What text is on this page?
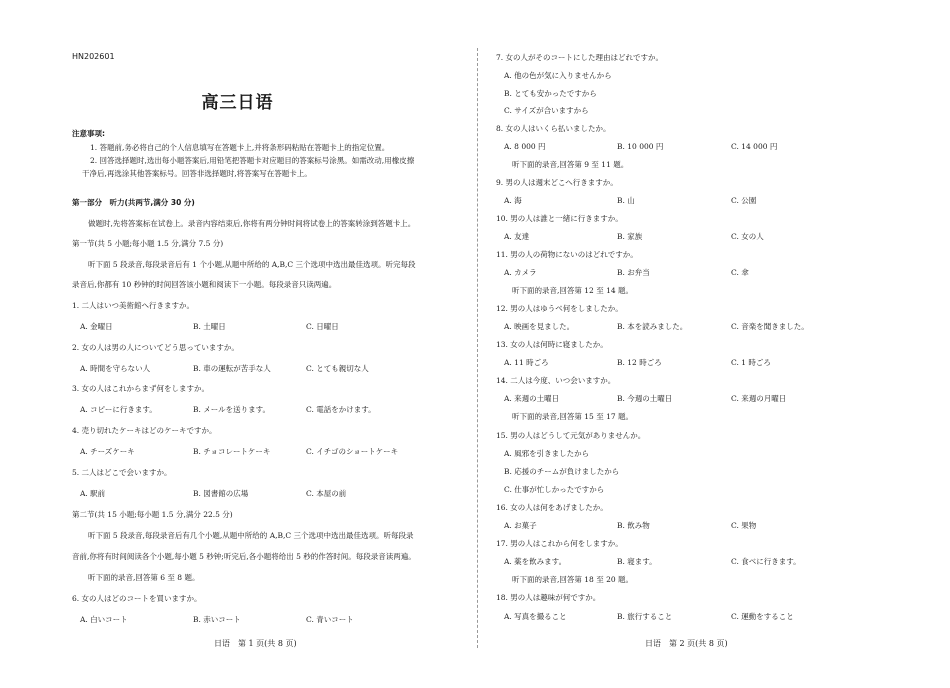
HN202601
高三日语
注意事项:
1. 答题前,务必将自己的个人信息填写在答题卡上,并将条形码粘贴在答题卡上的指定位置。
2. 回答选择题时,选出每小题答案后,用铅笔把答题卡对应题目的答案标号涂黑。如需改动,用橡皮擦
干净后,再选涂其他答案标号。回答非选择题时,将答案写在答题卡上。
第一部分　听力(共两节,满分 30 分)
做题时,先将答案标在试卷上。录音内容结束后,你将有两分钟时间将试卷上的答案转涂到答题卡上。
第一节(共 5 小题;每小题 1.5 分,满分 7.5 分)
听下面 5 段录音,每段录音后有 1 个小题,从题中所给的 A,B,C 三个选项中选出最佳选项。听完每段
录音后,你都有 10 秒钟的时间回答该小题和阅读下一小题。每段录音只读两遍。
1. 二人はいつ美術館へ行きますか。
A. 金曜日	B. 土曜日	C. 日曜日
2. 女の人は男の人についてどう思っていますか。
A. 時間を守らない人	B. 車の運転が苦手な人	C. とても親切な人
3. 女の人はこれからまず何をしますか。
A. コピーに行きます。	B. メールを送ります。	C. 電話をかけます。
4. 売り切れたケーキはどのケーキですか。
A. チーズケーキ	B. チョコレートケーキ	C. イチゴのショートケーキ
5. 二人はどこで会いますか。
A. 駅前	B. 図書館の広場	C. 本屋の前
第二节(共 15 小题;每小题 1.5 分,满分 22.5 分)
听下面 5 段录音,每段录音后有几个小题,从题中所给的 A,B,C 三个选项中选出最佳选项。听每段录
音前,你将有时间阅读各个小题,每小题 5 秒钟;听完后,各小题将给出 5 秒的作答时间。每段录音读两遍。
听下面的录音,回答第 6 至 8 题。
6. 女の人はどのコートを買いますか。
A. 白いコート	B. 赤いコート	C. 青いコート
日语　第 1 页(共 8 页)
7. 女の人がそのコートにした理由はどれですか。
A. 他の色が気に入りませんから
B. とても安かったですから
C. サイズが合いますから
8. 女の人はいくら払いましたか。
A. 8 000 円	B. 10 000 円	C. 14 000 円
听下面的录音,回答第 9 至 11 题。
9. 男の人は週末どこへ行きますか。
A. 海	B. 山	C. 公園
10. 男の人は誰と一緒に行きますか。
A. 友達	B. 家族	C. 女の人
11. 男の人の荷物にないのはどれですか。
A. カメラ	B. お弁当	C. 傘
听下面的录音,回答第 12 至 14 题。
12. 男の人はゆうべ何をしましたか。
A. 映画を見ました。	B. 本を読みました。	C. 音楽を聞きました。
13. 女の人は何時に寝ましたか。
A. 11 時ごろ	B. 12 時ごろ	C. 1 時ごろ
14. 二人は今度、いつ会いますか。
A. 来週の土曜日	B. 今週の土曜日	C. 来週の月曜日
听下面的录音,回答第 15 至 17 题。
15. 男の人はどうして元気がありませんか。
A. 風邪を引きましたから
B. 応援のチームが負けましたから
C. 仕事が忙しかったですから
16. 女の人は何をあげましたか。
A. お菓子	B. 飲み物	C. 果物
17. 男の人はこれから何をしますか。
A. 薬を飲みます。	B. 寝ます。	C. 食べに行きます。
听下面的录音,回答第 18 至 20 题。
18. 男の人は趣味が何ですか。
A. 写真を撮ること	B. 旅行すること	C. 運動をすること
日语　第 2 页(共 8 页)
